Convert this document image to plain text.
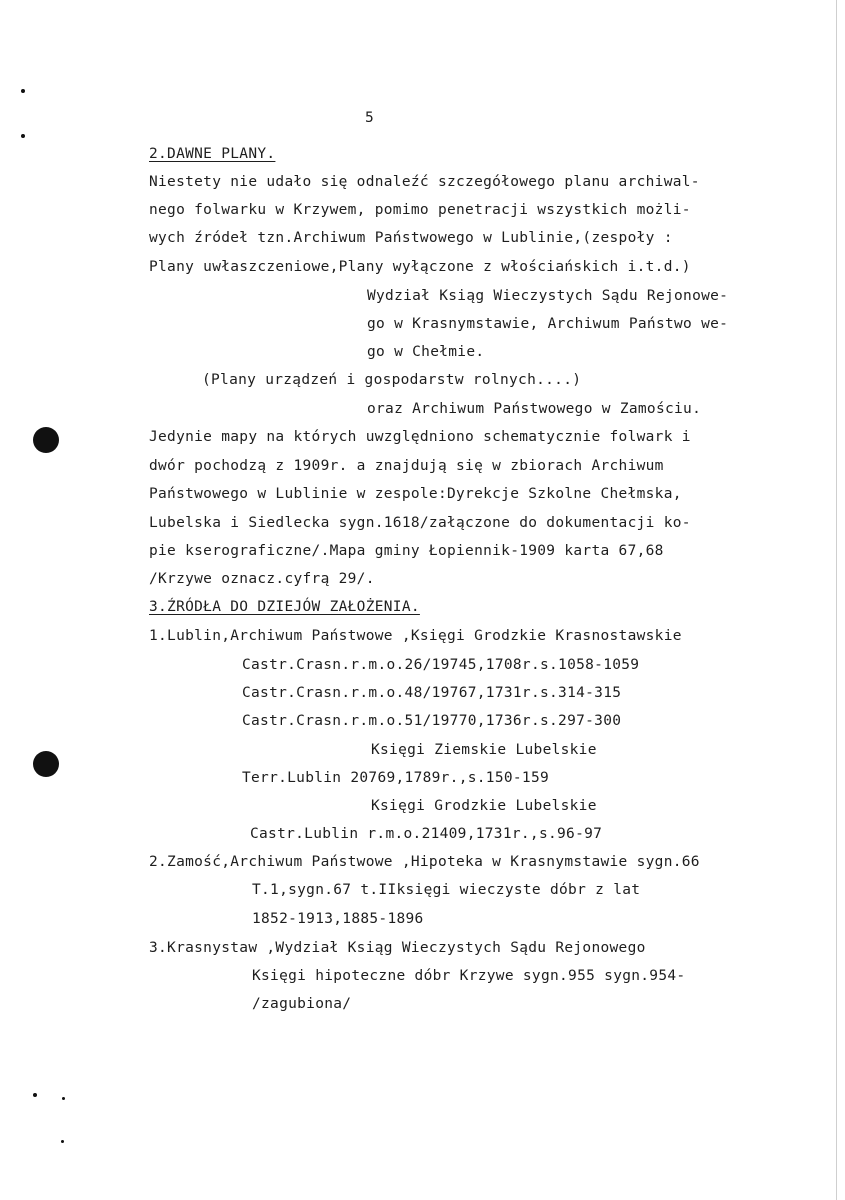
5
2.DAWNE PLANY.
Niestety nie udało się odnaleźć szczegółowego planu archiwal-
nego folwarku w Krzywem, pomimo penetracji wszystkich możli-
wych źródeł tzn.Archiwum Państwowego w Lublinie,(zespoły :
Plany uwłaszczeniowe,Plany wyłączone z włościańskich i.t.d.)
Wydział Ksiąg Wieczystych Sądu Rejonowe-
go w Krasnymstawie, Archiwum Państwo we-
go w Chełmie.
(Plany urządzeń i gospodarstw rolnych....)
oraz Archiwum Państwowego w Zamościu.
Jedynie mapy na których uwzględniono schematycznie folwark i
dwór pochodzą z 1909r. a znajdują się w zbiorach Archiwum
Państwowego w Lublinie w zespole:Dyrekcje Szkolne Chełmska,
Lubelska i Siedlecka sygn.1618/załączone do dokumentacji ko-
pie kserograficzne/.Mapa gminy Łopiennik-1909 karta 67,68
/Krzywe oznacz.cyfrą 29/.
3.ŹRÓDŁA DO DZIEJÓW ZAŁOŻENIA.
1.Lublin,Archiwum Państwowe ,Księgi Grodzkie Krasnostawskie
Castr.Crasn.r.m.o.26/19745,1708r.s.1058-1059
Castr.Crasn.r.m.o.48/19767,1731r.s.314-315
Castr.Crasn.r.m.o.51/19770,1736r.s.297-300
Księgi Ziemskie Lubelskie
Terr.Lublin 20769,1789r.,s.150-159
Księgi Grodzkie Lubelskie
Castr.Lublin r.m.o.21409,1731r.,s.96-97
2.Zamość,Archiwum Państwowe ,Hipoteka w Krasnymstawie sygn.66
T.1,sygn.67 t.IIksięgi wieczyste dóbr z lat
1852-1913,1885-1896
3.Krasnystaw ,Wydział Ksiąg Wieczystych Sądu Rejonowego
Księgi hipoteczne dóbr Krzywe sygn.955 sygn.954-
/zagubiona/
